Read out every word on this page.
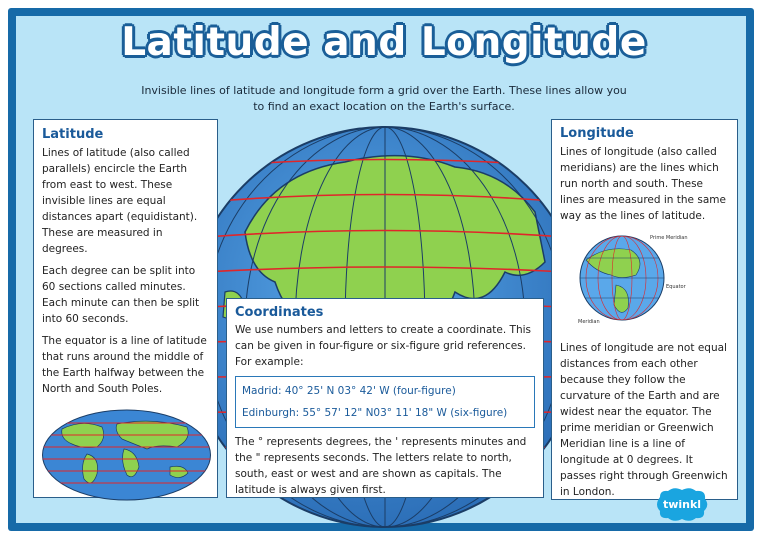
Latitude and Longitude
Invisible lines of latitude and longitude form a grid over the Earth. These lines allow you to find an exact location on the Earth's surface.
Latitude

Lines of latitude (also called parallels) encircle the Earth from east to west. These invisible lines are equal distances apart (equidistant). These are measured in degrees.

Each degree can be split into 60 sections called minutes. Each minute can then be split into 60 seconds.

The equator is a line of latitude that runs around the middle of the Earth halfway between the North and South Poles.

Longitude

Lines of longitude (also called meridians) are the lines which run north and south. These lines are measured in the same way as the lines of latitude.

Prime Meridian
Equator
Meridian

Lines of longitude are not equal distances from each other because they follow the curvature of the Earth and are widest near the equator. The prime meridian or Greenwich Meridian line is a line of longitude at 0 degrees. It passes right through Greenwich in London.

Coordinates

We use numbers and letters to create a coordinate. This can be given in four-figure or six-figure grid references. For example:

Madrid: 40° 25' N 03° 42' W (four-figure)
Edinburgh: 55° 57' 12" N03° 11' 18" W (six-figure)

The ° represents degrees, the ' represents minutes and the " represents seconds. The letters relate to north, south, east or west and are shown as capitals. The latitude is always given first.

twinkl
